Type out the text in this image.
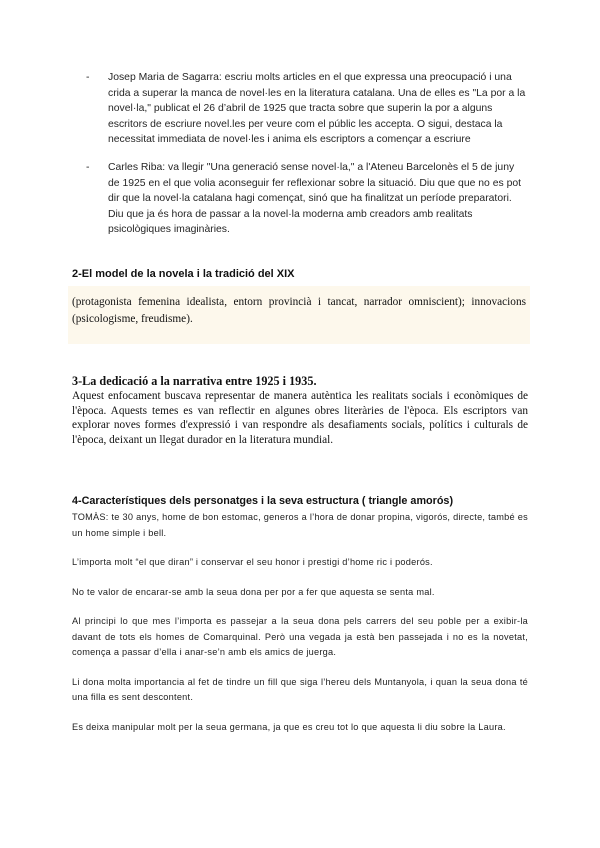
-	Josep Maria de Sagarra: escriu molts articles en el que expressa una preocupació i una crida a superar la manca de novel·les en la literatura catalana. Una de elles es "La por a la novel·la," publicat el 26 d’abril de 1925 que tracta sobre que superin la por a alguns escritors de escriure novel.les per veure com el públic les accepta. O sigui, destaca la necessitat immediata de novel·les i anima els escriptors a començar a escriure
-	Carles Riba: va llegir "Una generació sense novel·la," a l'Ateneu Barcelonès el 5 de juny de 1925 en el que volia aconseguir fer reflexionar sobre la situació. Diu que que no es pot dir que la novel·la catalana hagi començat, sinó que ha finalitzat un període preparatori. Diu que ja és hora de passar a la novel·la moderna amb creadors amb realitats psicològiques imaginàries.
2-El model de la novela i la tradició del XIX

(protagonista femenina idealista, entorn provincià i tancat, narrador omniscient); innovacions (psicologisme, freudisme).

3-La dedicació a la narrativa entre 1925 i 1935.

Aquest enfocament buscava representar de manera autèntica les realitats socials i econòmiques de l'època. Aquests temes es van reflectir en algunes obres literàries de l'època. Els escriptors van explorar noves formes d'expressió i van respondre als desafiaments socials, polítics i culturals de l'època, deixant un llegat durador en la literatura mundial.

4-Característiques dels personatges i la seva estructura ( triangle amorós)

TOMÀS: te 30 anys, home de bon estomac, generos a l’hora de donar propina, vigorós, directe, també es un home simple i bell.

L’importa molt “el que diran” i conservar el seu honor i prestigi d’home ric i poderós.

No te valor de encarar-se amb la seua dona per por a fer que aquesta se senta mal.

Al principi lo que mes l’importa es passejar a la seua dona pels carrers del seu poble per a exibir-la davant de tots els homes de Comarquinal. Però una vegada ja està ben passejada i no es la novetat, comença a passar d’ella i anar-se’n amb els amics de juerga.

Li dona molta importancia al fet de tindre un fill que siga l’hereu dels Muntanyola, i quan la seua dona té una filla es sent descontent.

Es deixa manipular molt per la seua germana, ja que es creu tot lo que aquesta li diu sobre la Laura.
